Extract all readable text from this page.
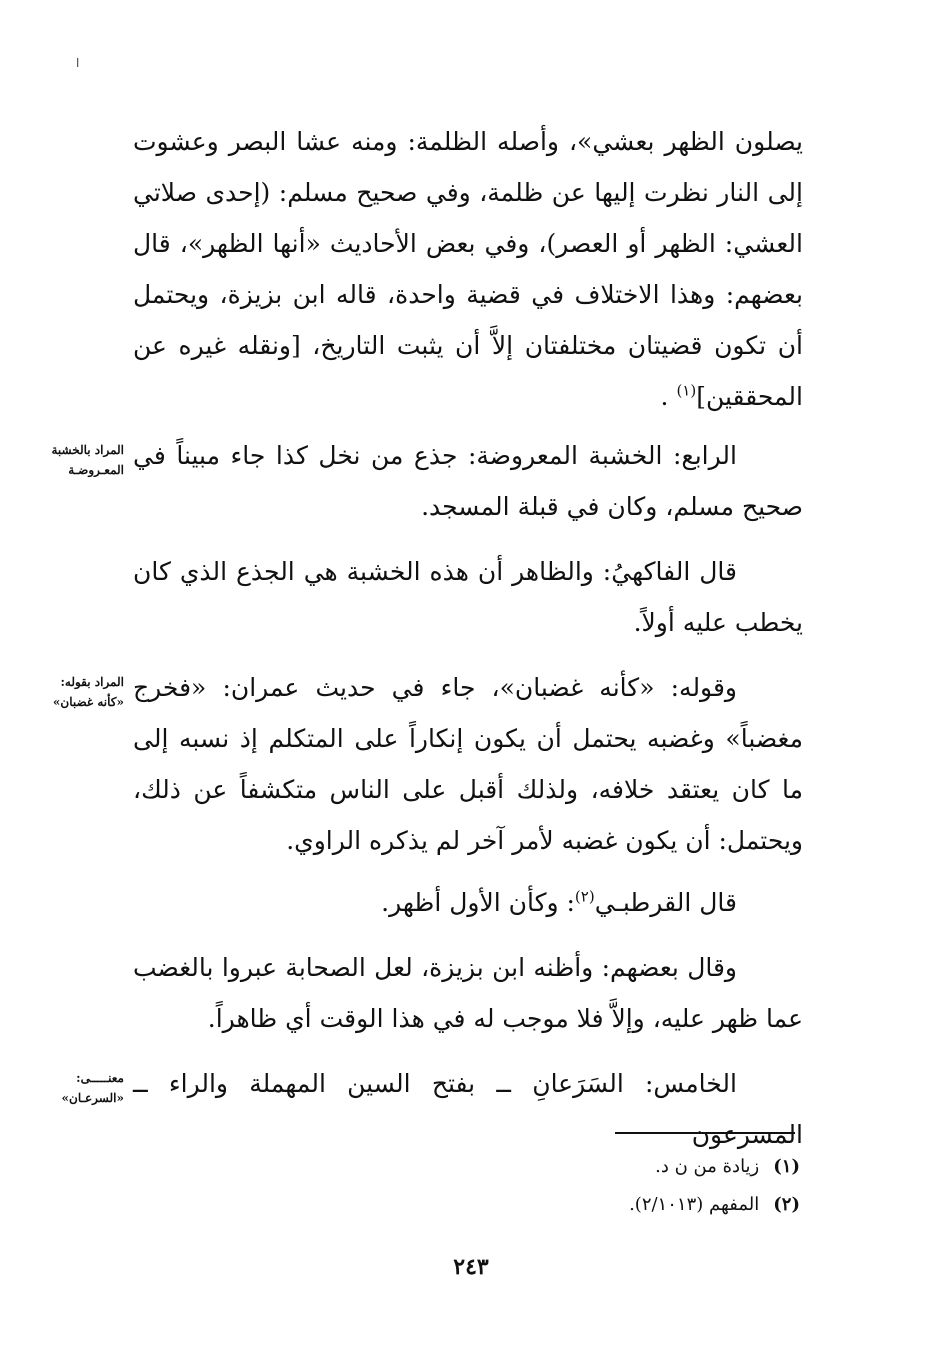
ا

يصلون الظهر بعشي»، وأصله الظلمة: ومنه عشا البصر وعشوت إلى النار نظرت إليها عن ظلمة، وفي صحيح مسلم: (إحدى صلاتي العشي: الظهر أو العصر)، وفي بعض الأحاديث «أنها الظهر»، قال بعضهم: وهذا الاختلاف في قضية واحدة، قاله ابن بزيزة، ويحتمل أن تكون قضيتان مختلفتان إلاَّ أن يثبت التاريخ، [ونقله غيره عن المحققين]$^{(١)}$ .

الرابع: الخشبة المعروضة: جذع من نخل كذا جاء مبيناً في صحيح مسلم، وكان في قبلة المسجد.

المراد بالخشبة
المعـروضـة

قال الفاكهيُ: والظاهر أن هذه الخشبة هي الجذع الذي كان يخطب عليه أولاً.

وقوله: «كأنه غضبان»، جاء في حديث عمران: «فخرج مغضباً» وغضبه يحتمل أن يكون إنكاراً على المتكلم إذ نسبه إلى ما كان يعتقد خلافه، ولذلك أقبل على الناس متكشفاً عن ذلك، ويحتمل: أن يكون غضبه لأمر آخر لم يذكره الراوي.

المراد بقوله:
«كأنه غضبان»

قال القرطبـي$^{(٢)}$: وكأن الأول أظهر.

وقال بعضهم: وأظنه ابن بزيزة، لعل الصحابة عبروا بالغضب عما ظهر عليه، وإلاَّ فلا موجب له في هذا الوقت أي ظاهراً.

الخامس: السَرَعانِ ــ بفتح السين المهملة والراء ــ المسرعون

معنـــــى:
«السرعـان»

(١)زيادة من ن د.

(٢)المفهم (٢/١٠١٣).

٢٤٣
